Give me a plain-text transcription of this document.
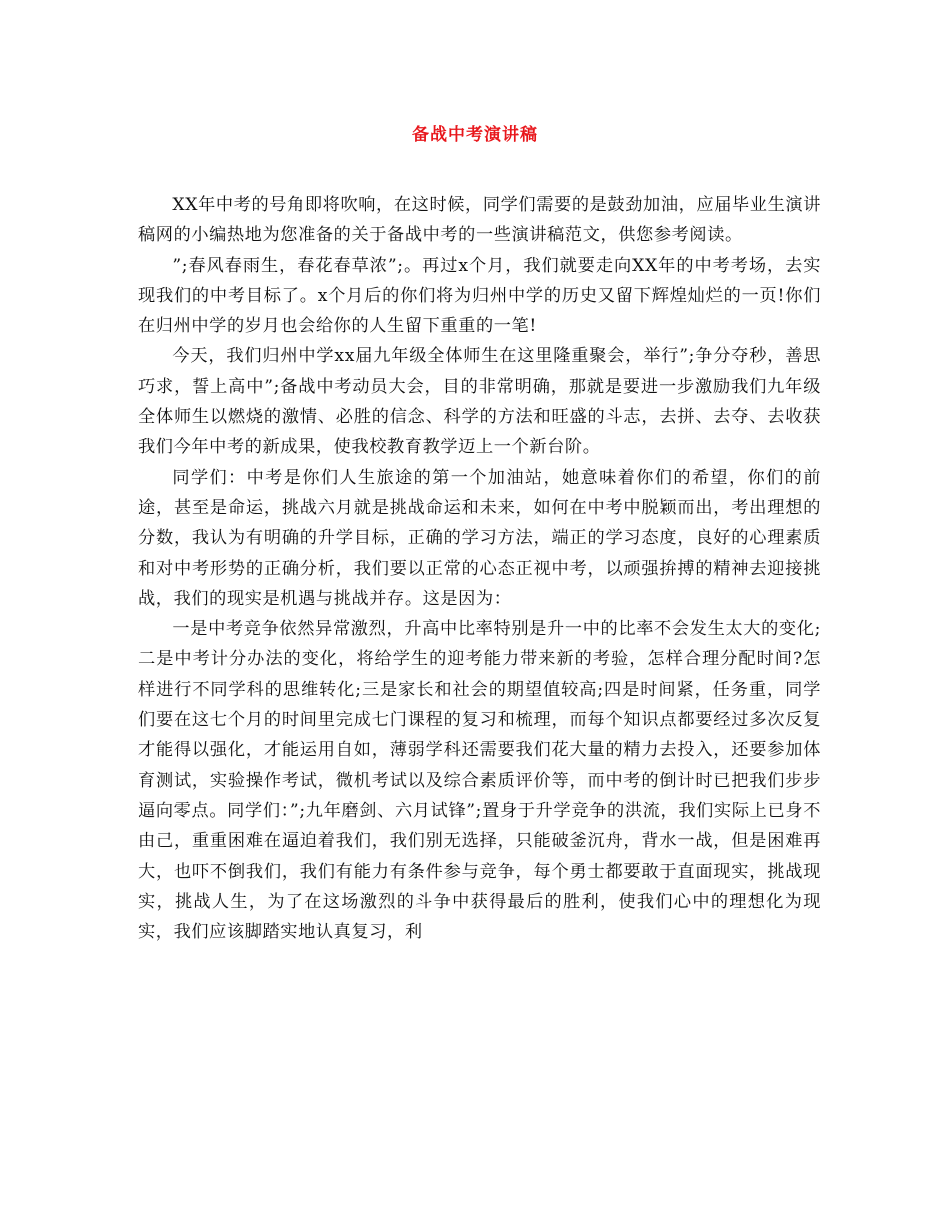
备战中考演讲稿

XX年中考的号角即将吹响，在这时候，同学们需要的是鼓劲加油，应届毕业生演讲稿网的小编热地为您准备的关于备战中考的一些演讲稿范文，供您参考阅读。

”;春风春雨生，春花春草浓”;。再过x个月，我们就要走向XX年的中考考场，去实现我们的中考目标了。x个月后的你们将为归州中学的历史又留下辉煌灿烂的一页!你们在归州中学的岁月也会给你的人生留下重重的一笔!

今天，我们归州中学xx届九年级全体师生在这里隆重聚会，举行”;争分夺秒，善思巧求，誓上高中”;备战中考动员大会，目的非常明确，那就是要进一步激励我们九年级全体师生以燃烧的激情、必胜的信念、科学的方法和旺盛的斗志，去拼、去夺、去收获我们今年中考的新成果，使我校教育教学迈上一个新台阶。

同学们：中考是你们人生旅途的第一个加油站，她意味着你们的希望，你们的前途，甚至是命运，挑战六月就是挑战命运和未来，如何在中考中脱颖而出，考出理想的分数，我认为有明确的升学目标，正确的学习方法，端正的学习态度，良好的心理素质和对中考形势的正确分析，我们要以正常的心态正视中考，以顽强拚搏的精神去迎接挑战，我们的现实是机遇与挑战并存。这是因为：

一是中考竞争依然异常激烈，升高中比率特别是升一中的比率不会发生太大的变化;二是中考计分办法的变化，将给学生的迎考能力带来新的考验，怎样合理分配时间?怎样进行不同学科的思维转化;三是家长和社会的期望值较高;四是时间紧，任务重，同学们要在这七个月的时间里完成七门课程的复习和梳理，而每个知识点都要经过多次反复才能得以强化，才能运用自如，薄弱学科还需要我们花大量的精力去投入，还要参加体育测试，实验操作考试，微机考试以及综合素质评价等，而中考的倒计时已把我们步步逼向零点。同学们：”;九年磨剑、六月试锋”;置身于升学竞争的洪流，我们实际上已身不由己，重重困难在逼迫着我们，我们别无选择，只能破釜沉舟，背水一战，但是困难再大，也吓不倒我们，我们有能力有条件参与竞争，每个勇士都要敢于直面现实，挑战现实，挑战人生，为了在这场激烈的斗争中获得最后的胜利，使我们心中的理想化为现实，我们应该脚踏实地认真复习，利
